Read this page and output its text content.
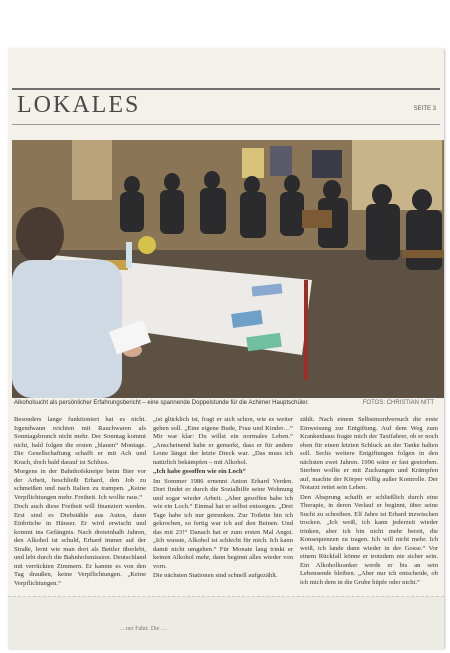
LOKALES	SEITE 3
Alkoholsucht als persönlicher Erfahrungsbericht – eine spannende Doppelstunde für die Achimer Hauptschüler.	FOTOS: CHRISTIAN NITT

Besonders lange funktioniert hat es nicht. Irgendwann reichten mit Rauchwaren als Sonntagsbrunch nicht mehr. Der Sonntag kommt nicht, bald folgen die ersten „blauen“ Montage. Die Gesellschaftung schafft er mit Ach und Krach, doch bald darauf ist Schluss.

Morgens in der Bahnhofskneipe beim Bier vor der Arbeit, beschließt Erhard, den Job zu schmeißen und nach Italien zu trampen. „Keine Verpflichtungen mehr. Freiheit. Ich wollte raus.“

Doch auch diese Freiheit will finanziert werden. Erst sind es Diebstähle aus Autos, dann Einbrüche in Häuser. Er wird erwischt und kommt ins Gefängnis. Nach dreieinhalb Jahren, den Alkohol ist schuld, Erhard immer auf der Straße, lernt wie man dort als Bettler überlebt, und lebt durch die Bahnhofsmission. Deutschland mit verrückten Zimmern. Er kannte es von den Tag draußen, keine Verpflichtungen. „Keine Verpflichtungen.“

„ist glücklich ist, fragt er sich schon, wie es weiter gehen soll. „Eine eigene Bude, Frau und Kinder…“ Mir war klar: Du willst ein normales Leben.“ „Anscheinend habe er gemerkt, dass er für andere Leute längst der letzte Dreck war. „Das muss ich natürlich bekämpfen – mit Alkohol.

„Ich habe gesoffen wie ein Loch“

Im Sommer 1986 ernennt Anton Erhard Verden. Dort findet er durch die Sozialhilfe seine Wohnung und sogar wieder Arbeit. „Aber gesoffen habe ich wie ein Loch.“ Einmal hat er selbst entsorgen. „Drei Tage habe ich nur getrunken. Zur Toilette bin ich gekrochen, so fertig war ich auf den Beinen. Und das mit 23!“ Danach hat er zum ersten Mal Angst. „Ich wusste, Alkohol ist schlecht für mich. Ich kann damit nicht umgehen.“ Für Monate lang trinkt er keinen Alkohol mehr, dann beginnt alles wieder von vorn.

Die nächsten Stationen sind schnell aufgezählt.

zählt. Nach einem Selbstmordversuch die erste Einweisung zur Entgiftung. Auf dem Weg zum Krankenhaus fragte mich der Taxifahrer, ob er noch eben für einen letzten Schluck an der Tanke halten soll. Sechs weitere Entgiftungen folgen in den nächsten zwei Jahren. 1996 wäre er fast gestorben. Sterben wollte er mit Zuckungen und Krämpfen auf, machte der Körper völlig außer Kontrolle. Der Notarzt rettet sein Leben.

Den Absprung schafft er schließlich durch eine Therapie, in deren Verlauf er beginnt, über seine Sucht zu schreiben. Elf Jahre ist Erhard inzwischen trocken. „Ich weiß, ich kann jederzeit wieder trinken, aber ich bin nicht mehr bereit, die Konsequenzen zu tragen. Ich will nicht mehr. Ich weiß, ich lande dann wieder in der Gosse.“ Vor einem Rückfall könne er trotzdem nie sicher sein. Ein Alkoholkranker werde er bis an sein Lebensende bleiben. „Aber nur ich entscheide, ob ich mich dem in die Grube hüpfe oder nicht.“

…ner Fahrt. Die …
